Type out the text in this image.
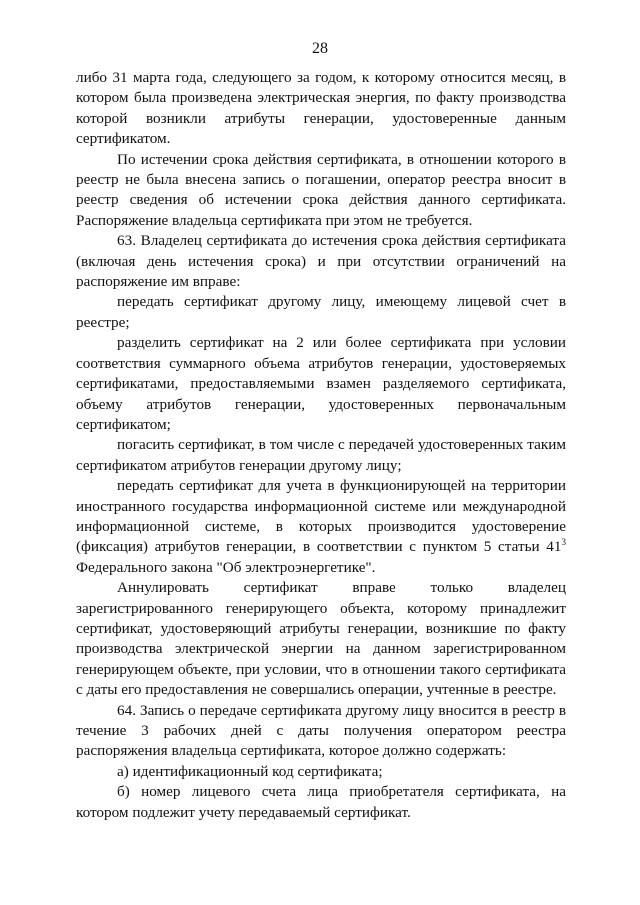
28

либо 31 марта года, следующего за годом, к которому относится месяц, в котором была произведена электрическая энергия, по факту производства которой возникли атрибуты генерации, удостоверенные данным сертификатом.

По истечении срока действия сертификата, в отношении которого в реестр не была внесена запись о погашении, оператор реестра вносит в реестр сведения об истечении срока действия данного сертификата. Распоряжение владельца сертификата при этом не требуется.

63. Владелец сертификата до истечения срока действия сертификата (включая день истечения срока) и при отсутствии ограничений на распоряжение им вправе:

передать сертификат другому лицу, имеющему лицевой счет в реестре;

разделить сертификат на 2 или более сертификата при условии соответствия суммарного объема атрибутов генерации, удостоверяемых сертификатами, предоставляемыми взамен разделяемого сертификата, объему атрибутов генерации, удостоверенных первоначальным сертификатом;

погасить сертификат, в том числе с передачей удостоверенных таким сертификатом атрибутов генерации другому лицу;

передать сертификат для учета в функционирующей на территории иностранного государства информационной системе или международной информационной системе, в которых производится удостоверение (фиксация) атрибутов генерации, в соответствии с пунктом 5 статьи $41^3$ Федерального закона "Об электроэнергетике".

Аннулировать сертификат вправе только владелец зарегистрированного генерирующего объекта, которому принадлежит сертификат, удостоверяющий атрибуты генерации, возникшие по факту производства электрической энергии на данном зарегистрированном генерирующем объекте, при условии, что в отношении такого сертификата с даты его предоставления не совершались операции, учтенные в реестре.

64. Запись о передаче сертификата другому лицу вносится в реестр в течение 3 рабочих дней с даты получения оператором реестра распоряжения владельца сертификата, которое должно содержать:

а) идентификационный код сертификата;

б) номер лицевого счета лица приобретателя сертификата, на котором подлежит учету передаваемый сертификат.
